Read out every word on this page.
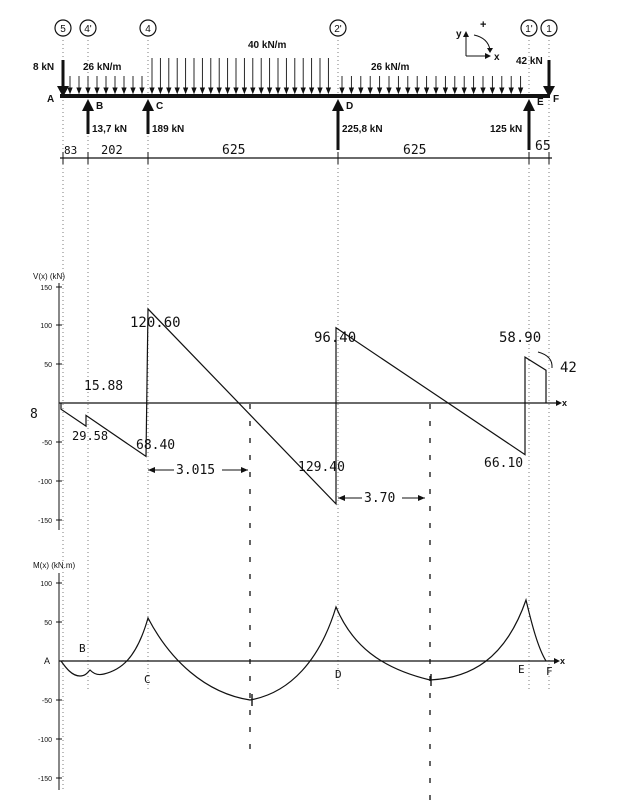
5 4'	4	2'	1' 1
A
B	C	D	E F
8 kN
42 kN
26 kN/m
40 kN/m
26 kN/m
13,7 kN 189 kN	225,8 kN	125 kN
y
x
+
83 202	625	625	65
V(x) (kN)
150
100
50
-50
-100
-150
x
8
15.88
29.58
120.60
68.40
96.40
129.40
58.90
66.10
42
3.015
3.70
M(x) (kN.m)
100
50
A
-50
-100
-150
x
B
C	D	E F
